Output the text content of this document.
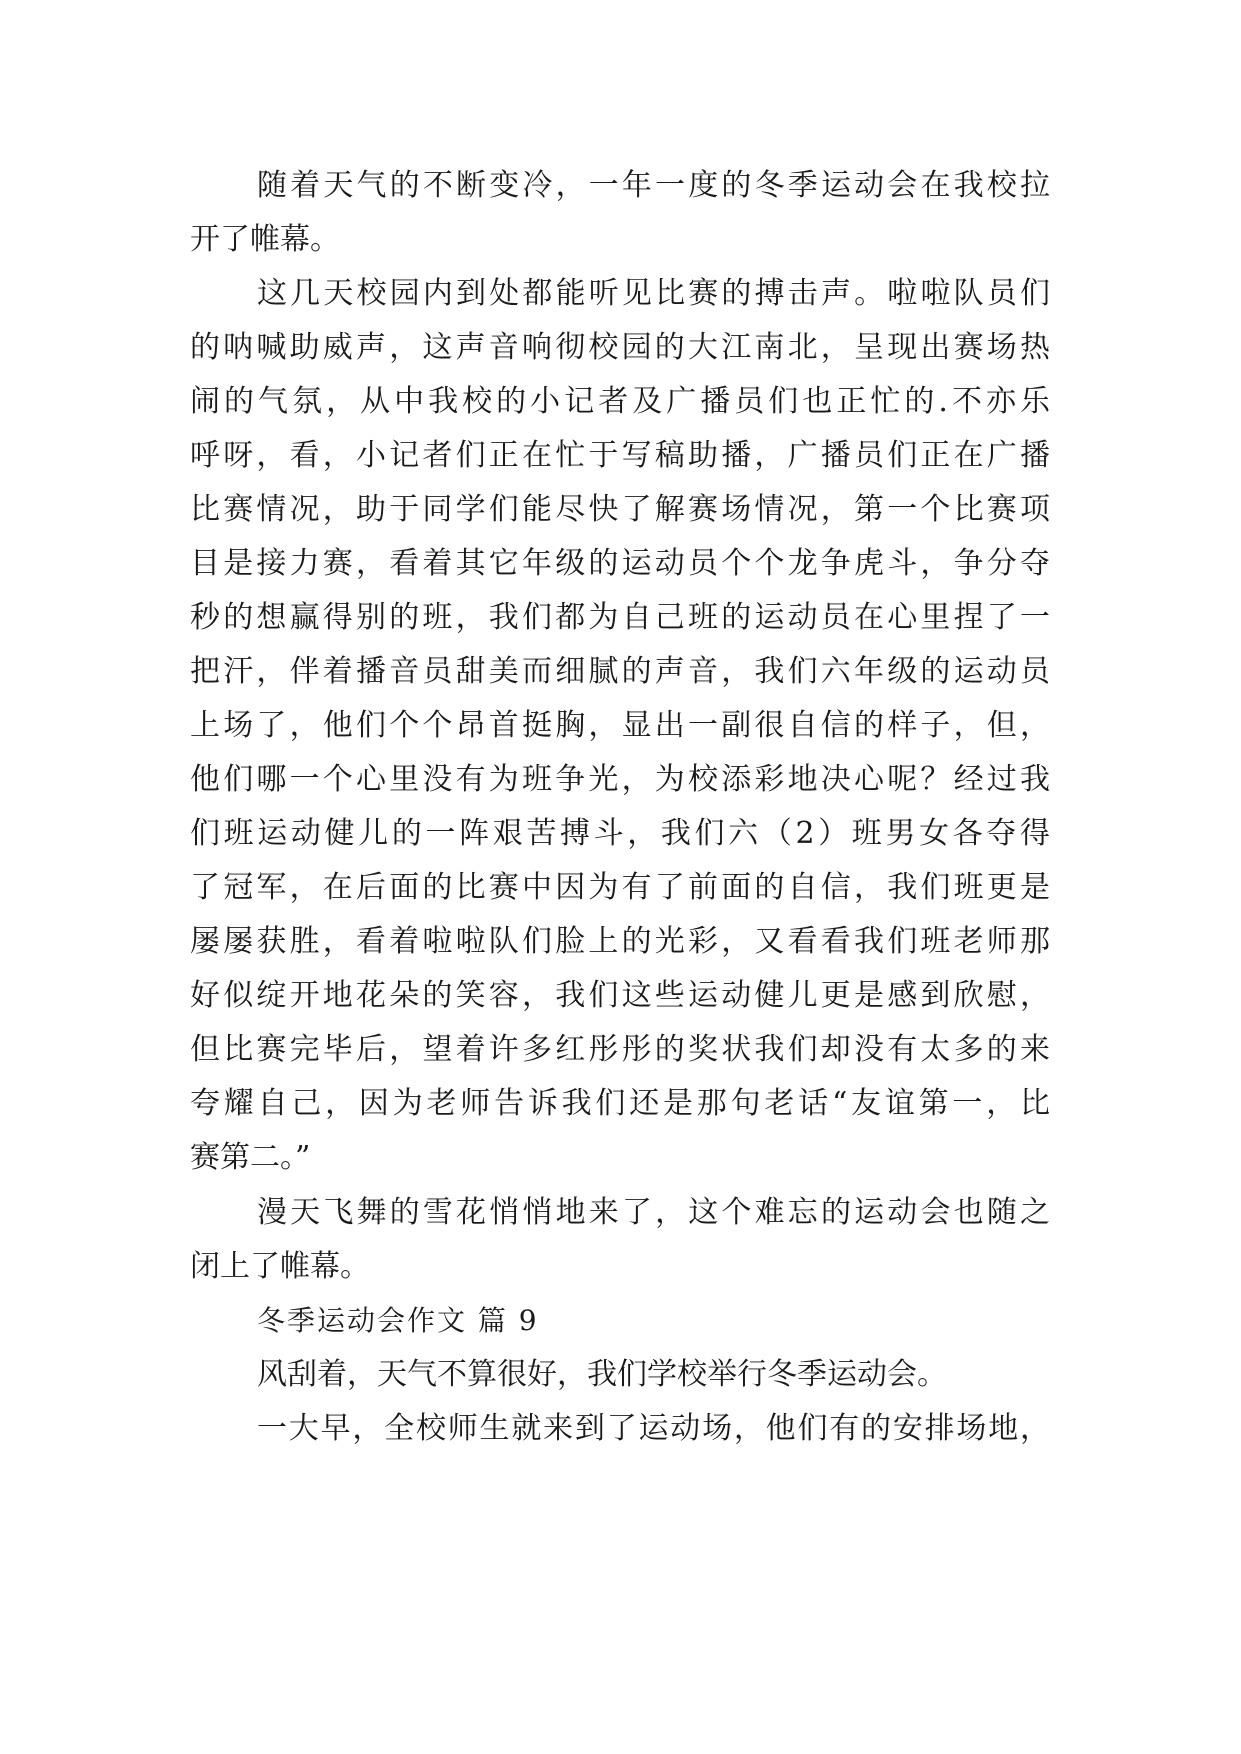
随着天气的不断变冷，一年一度的冬季运动会在我校拉
开了帷幕。
这几天校园内到处都能听见比赛的搏击声。啦啦队员们
的呐喊助威声，这声音响彻校园的大江南北，呈现出赛场热
闹的气氛，从中我校的小记者及广播员们也正忙的.不亦乐
呼呀，看，小记者们正在忙于写稿助播，广播员们正在广播
比赛情况，助于同学们能尽快了解赛场情况，第一个比赛项
目是接力赛，看着其它年级的运动员个个龙争虎斗，争分夺
秒的想赢得别的班，我们都为自己班的运动员在心里捏了一
把汗，伴着播音员甜美而细腻的声音，我们六年级的运动员
上场了，他们个个昂首挺胸，显出一副很自信的样子，但，
他们哪一个心里没有为班争光，为校添彩地决心呢？经过我
们班运动健儿的一阵艰苦搏斗，我们六（2）班男女各夺得
了冠军，在后面的比赛中因为有了前面的自信，我们班更是
屡屡获胜，看着啦啦队们脸上的光彩，又看看我们班老师那
好似绽开地花朵的笑容，我们这些运动健儿更是感到欣慰，
但比赛完毕后，望着许多红彤彤的奖状我们却没有太多的来
夸耀自己，因为老师告诉我们还是那句老话“友谊第一，比
赛第二。”
漫天飞舞的雪花悄悄地来了，这个难忘的运动会也随之
闭上了帷幕。
冬季运动会作文 篇 9
风刮着，天气不算很好，我们学校举行冬季运动会。
一大早，全校师生就来到了运动场，他们有的安排场地，
